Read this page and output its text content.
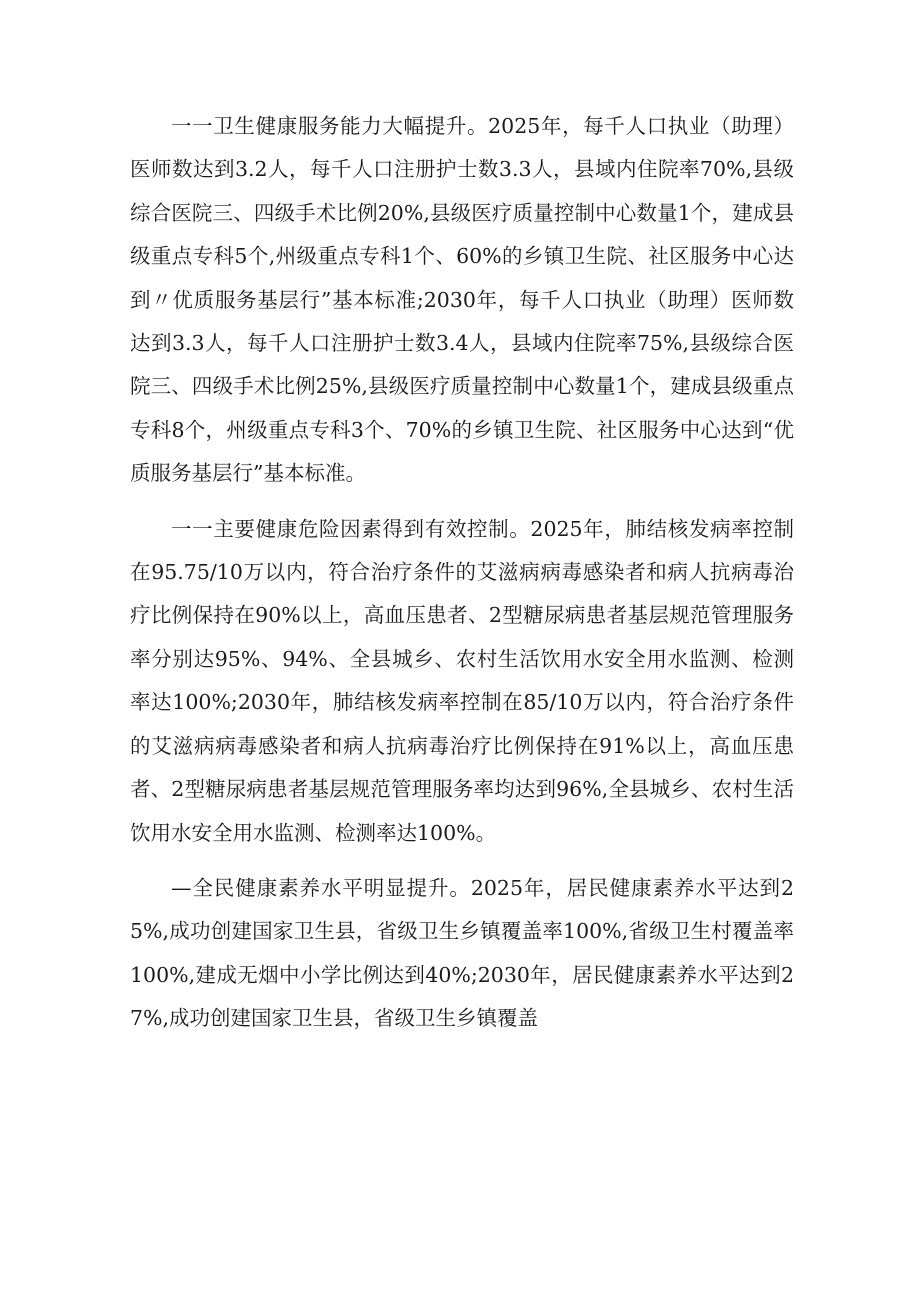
一一卫生健康服务能力大幅提升。2025年，每千人口执业（助理）医师数达到3.2人，每千人口注册护士数3.3人，县域内住院率70%,县级综合医院三、四级手术比例20%,县级医疗质量控制中心数量1个，建成县级重点专科5个,州级重点专科1个、60%的乡镇卫生院、社区服务中心达到〃优质服务基层行”基本标准;2030年，每千人口执业（助理）医师数达到3.3人，每千人口注册护士数3.4人，县域内住院率75%,县级综合医院三、四级手术比例25%,县级医疗质量控制中心数量1个，建成县级重点专科8个，州级重点专科3个、70%的乡镇卫生院、社区服务中心达到“优质服务基层行”基本标准。

一一主要健康危险因素得到有效控制。2025年，肺结核发病率控制在95.75/10万以内，符合治疗条件的艾滋病病毒感染者和病人抗病毒治疗比例保持在90%以上，高血压患者、2型糖尿病患者基层规范管理服务率分别达95%、94%、全县城乡、农村生活饮用水安全用水监测、检测率达100%;2030年，肺结核发病率控制在85/10万以内，符合治疗条件的艾滋病病毒感染者和病人抗病毒治疗比例保持在91%以上，高血压患者、2型糖尿病患者基层规范管理服务率均达到96%,全县城乡、农村生活饮用水安全用水监测、检测率达100%。

—全民健康素养水平明显提升。2025年，居民健康素养水平达到25%,成功创建国家卫生县，省级卫生乡镇覆盖率100%,省级卫生村覆盖率100%,建成无烟中小学比例达到40%;2030年，居民健康素养水平达到27%,成功创建国家卫生县，省级卫生乡镇覆盖
